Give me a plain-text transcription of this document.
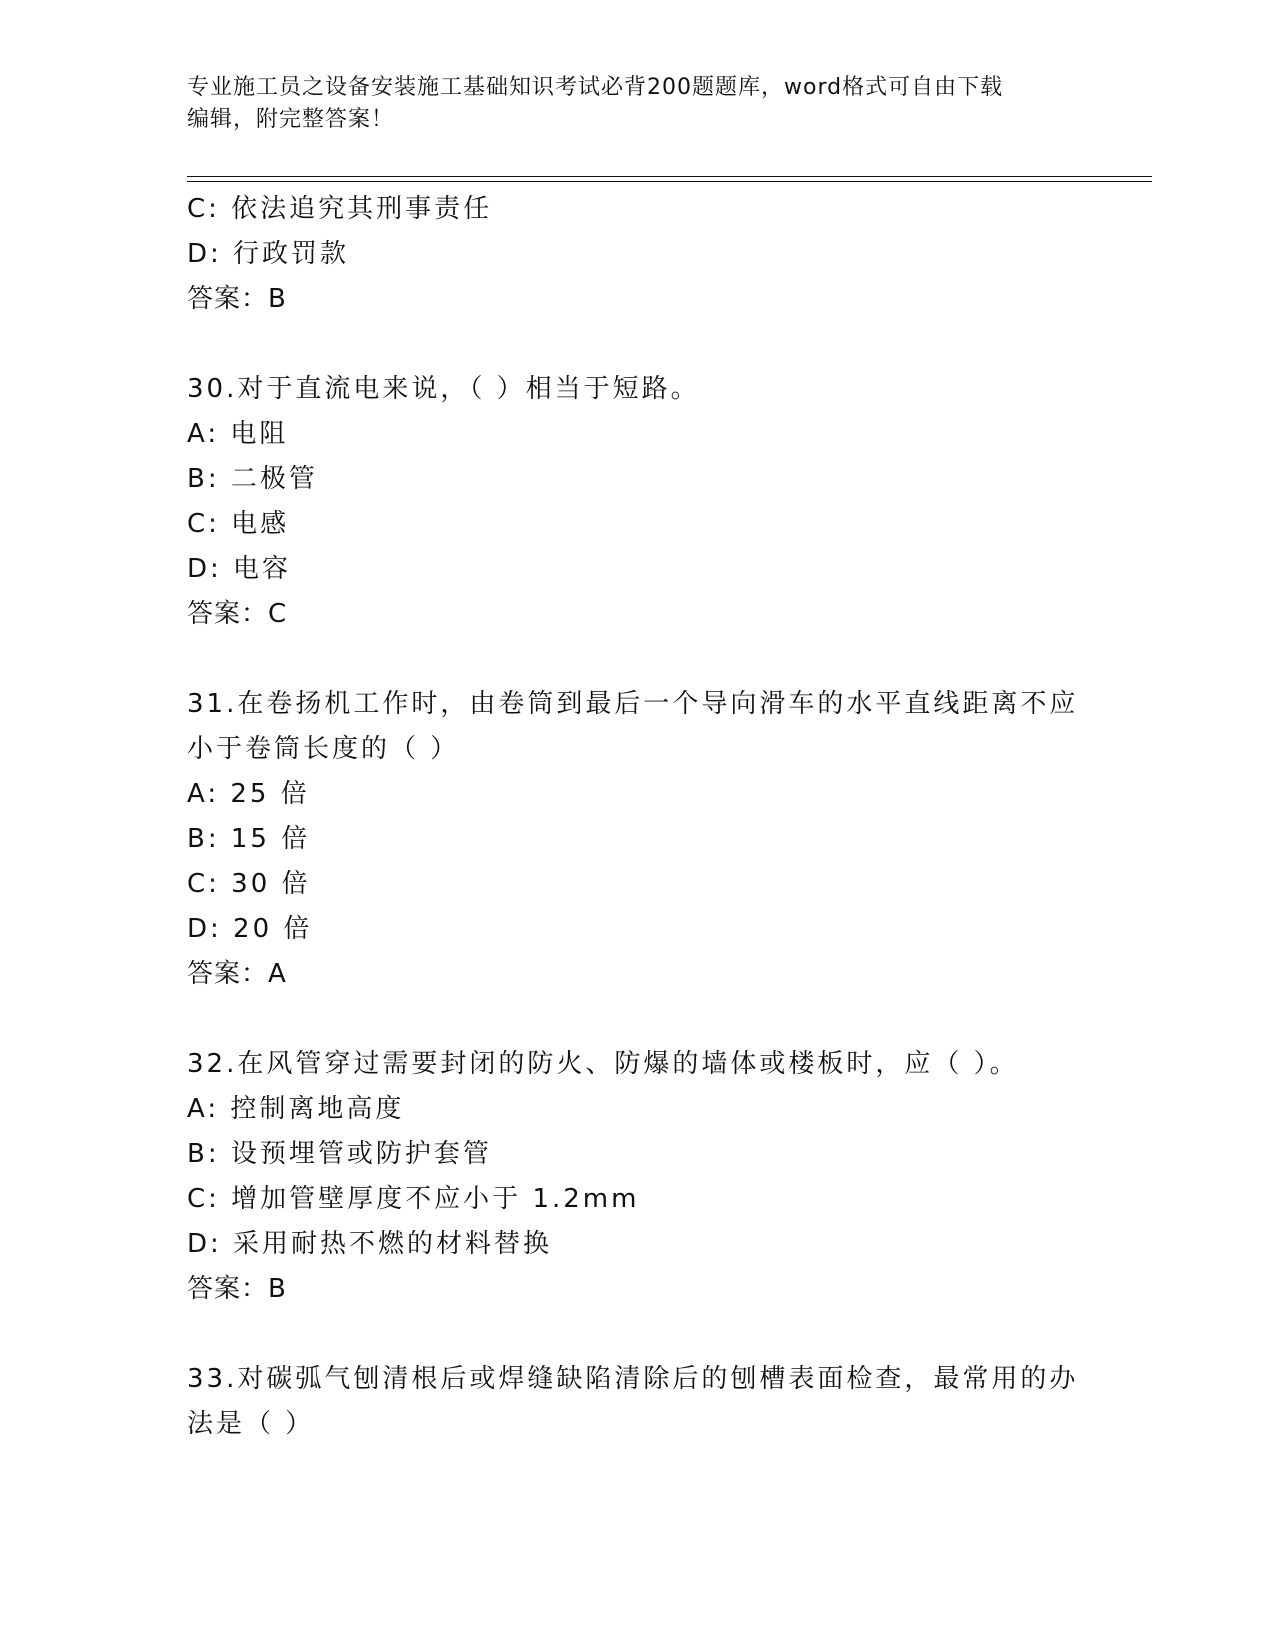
专业施工员之设备安装施工基础知识考试必背200题题库，word格式可自由下载
编辑，附完整答案！
C: 依法追究其刑事责任
D: 行政罚款
答案：B
30.对于直流电来说，（ ）相当于短路。
A: 电阻
B: 二极管
C: 电感
D: 电容
答案：C
31.在卷扬机工作时，由卷筒到最后一个导向滑车的水平直线距离不应
小于卷筒长度的（ ）
A: 25 倍
B: 15 倍
C: 30 倍
D: 20 倍
答案：A
32.在风管穿过需要封闭的防火、防爆的墙体或楼板时，应（ ）。
A: 控制离地高度
B: 设预埋管或防护套管
C: 增加管壁厚度不应小于 1.2mm
D: 采用耐热不燃的材料替换
答案：B
33.对碳弧气刨清根后或焊缝缺陷清除后的刨槽表面检查，最常用的办
法是（ ）
